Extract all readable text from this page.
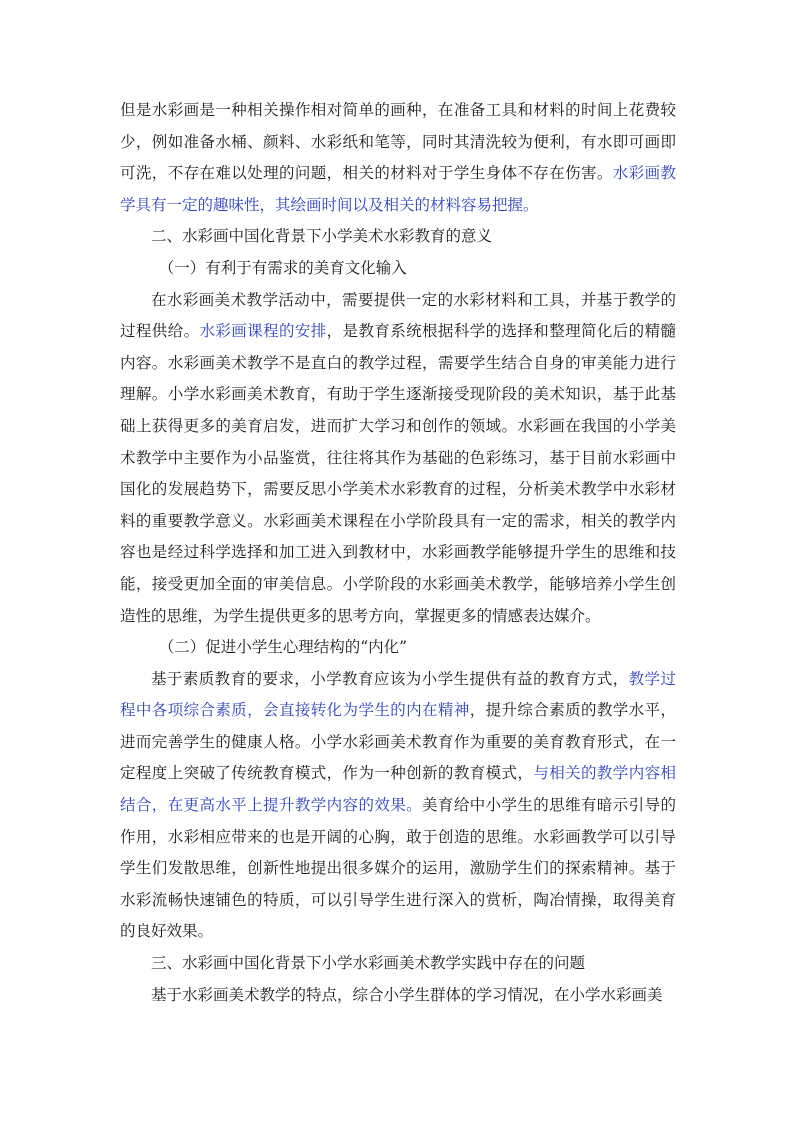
但是水彩画是一种相关操作相对简单的画种，在准备工具和材料的时间上花费较少，例如准备水桶、颜料、水彩纸和笔等，同时其清洗较为便利，有水即可画即可洗，不存在难以处理的问题，相关的材料对于学生身体不存在伤害。水彩画教学具有一定的趣味性，其绘画时间以及相关的材料容易把握。

二、水彩画中国化背景下小学美术水彩教育的意义

（一）有利于有需求的美育文化输入

在水彩画美术教学活动中，需要提供一定的水彩材料和工具，并基于教学的过程供给。水彩画课程的安排，是教育系统根据科学的选择和整理简化后的精髓内容。水彩画美术教学不是直白的教学过程，需要学生结合自身的审美能力进行理解。小学水彩画美术教育，有助于学生逐渐接受现阶段的美术知识，基于此基础上获得更多的美育启发，进而扩大学习和创作的领域。水彩画在我国的小学美术教学中主要作为小品鉴赏，往往将其作为基础的色彩练习，基于目前水彩画中国化的发展趋势下，需要反思小学美术水彩教育的过程，分析美术教学中水彩材料的重要教学意义。水彩画美术课程在小学阶段具有一定的需求，相关的教学内容也是经过科学选择和加工进入到教材中，水彩画教学能够提升学生的思维和技能，接受更加全面的审美信息。小学阶段的水彩画美术教学，能够培养小学生创造性的思维，为学生提供更多的思考方向，掌握更多的情感表达媒介。

（二）促进小学生心理结构的“内化”

基于素质教育的要求，小学教育应该为小学生提供有益的教育方式，教学过程中各项综合素质，会直接转化为学生的内在精神，提升综合素质的教学水平，进而完善学生的健康人格。小学水彩画美术教育作为重要的美育教育形式，在一定程度上突破了传统教育模式，作为一种创新的教育模式，与相关的教学内容相结合，在更高水平上提升教学内容的效果。美育给中小学生的思维有暗示引导的作用，水彩相应带来的也是开阔的心胸，敢于创造的思维。水彩画教学可以引导学生们发散思维，创新性地提出很多媒介的运用，激励学生们的探索精神。基于水彩流畅快速铺色的特质，可以引导学生进行深入的赏析，陶冶情操，取得美育的良好效果。

三、水彩画中国化背景下小学水彩画美术教学实践中存在的问题

基于水彩画美术教学的特点，综合小学生群体的学习情况，在小学水彩画美
